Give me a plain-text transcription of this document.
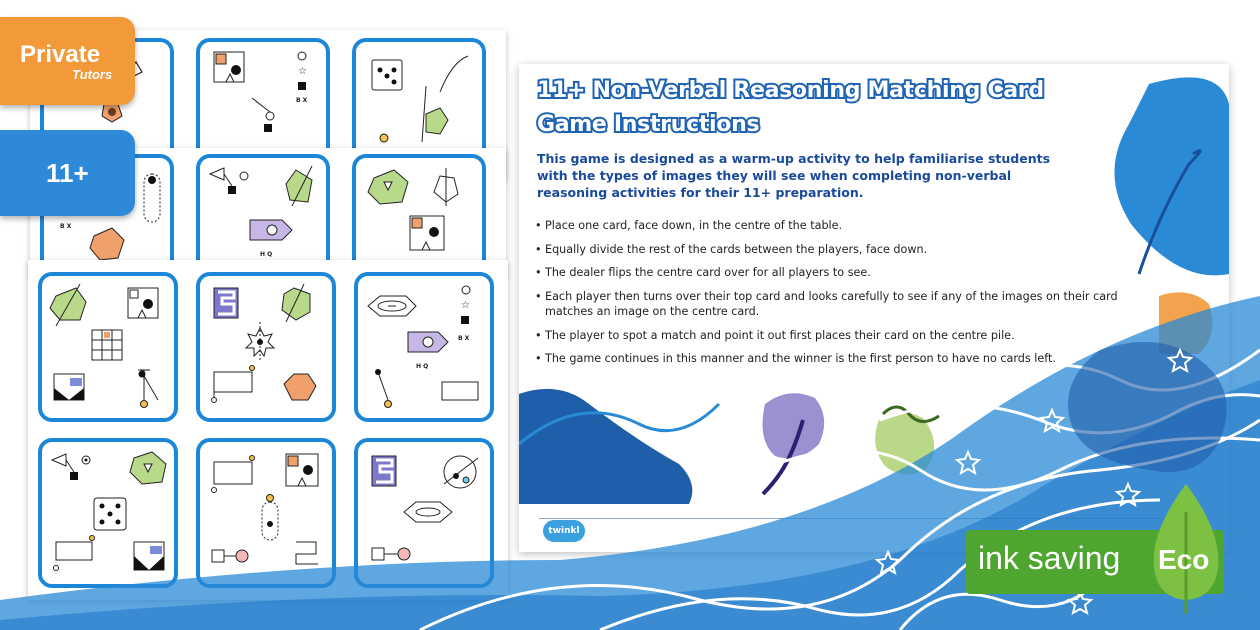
☆
B X
B X
H Q
☆
B X
H Q
11+ Non-Verbal Reasoning Matching Card
Game Instructions

This game is designed as a warm-up activity to help familiarise students with the types of images they will see when completing non-verbal reasoning activities for their 11+ preparation.

• Place one card, face down, in the centre of the table.
• Equally divide the rest of the cards between the players, face down.
• The dealer flips the centre card over for all players to see.
• Each player then turns over their top card and looks carefully to see if any of the images on their card matches an image on the centre card.
• The player to spot a match and point it out first places their card on the centre pile.
• The game continues in this manner and the winner is the first person to have no cards left.
twinkl
Private
Tutors
11+
ink saving Eco
